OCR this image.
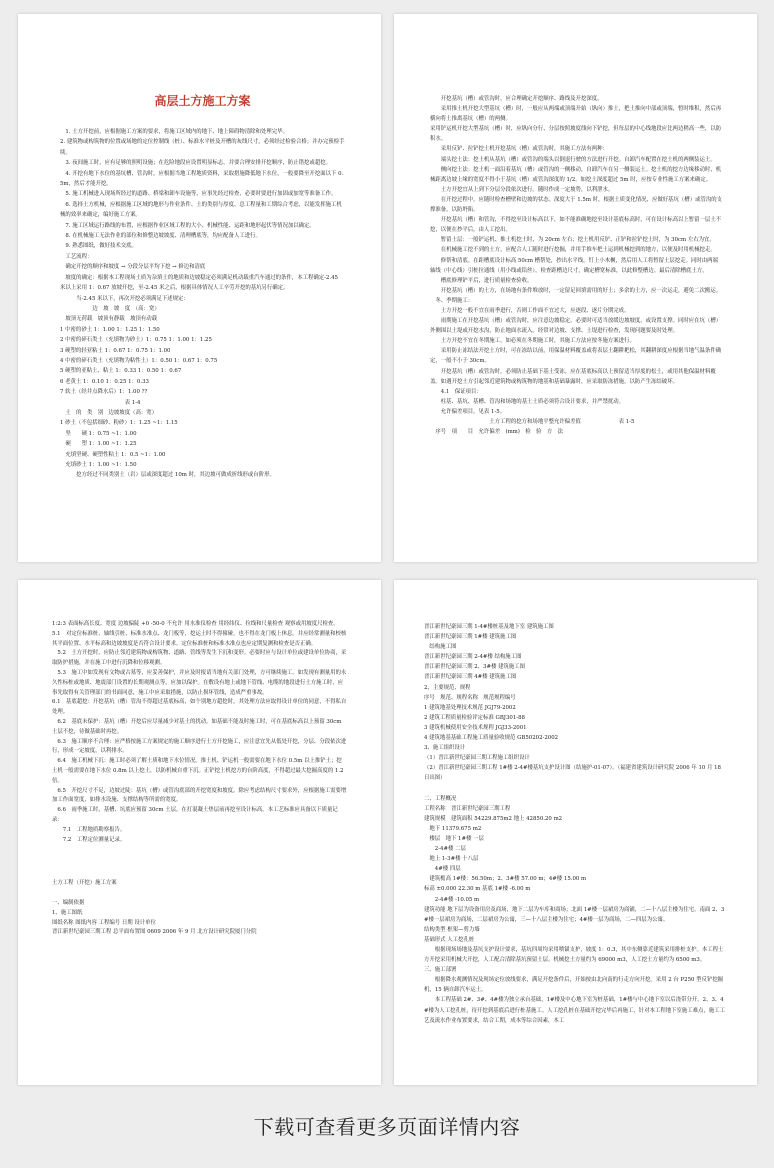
高层土方施工方案
　1. 土方开挖前，应根据施工方案的要求，将施工区域内的地下、地上障碍物清除和处理完毕。
2. 建筑物或构筑物的位置或场地的定位控制线（桩）、标准水平桩及开槽的灰线尺寸，必须经过检验合格；并办完预检手续。
　3. 夜间施工时，应有足够的照明设施；在危险地段应设置明显标志，并要合理安排开挖顺序，防止错挖或超挖。
　4. 开挖有地下水位的基坑槽、管沟时，应根据当地工程地质资料，采取措施降低地下水位，一般要降至开挖面以下 0.5m，然后才能开挖。
　5. 施工机械进入现场所经过的道路、桥梁和卸车设施等，应事先经过检查，必要时要进行加固或加宽等准备工作。
　6. 选择土方机械，应根据施工区域的地形与作业条件、土的类别与厚度、总工程量和工期综合考虑，以能发挥施工机械的效率来确定，编好施工方案。
　7. 施工区域运行路线的布置，应根据作业区域工程的大小、机械性能、运距和地形起伏等情况加以确定。
　8. 在机械施工无法作业的部位和修整边坡坡度、清理槽底等，均应配备人工进行。
　9. 熟悉图纸，做好技术交底。
　工艺流程：
　确定开挖的顺序和坡度 → 分段分层平均下挖 → 修边和清底
　坡度的确定：根据本工程现场土质为杂填土的地质和边坡稳定必须满足机动载重汽车通过的条件，本工程确定-2.45 米以上采用 1：0.67 放坡开挖，至-2.45 米之后，根据具体情况人工辛劳开挖的基坑另行确定。
　　　当-2.45 米以下，再次开挖必须满足下述规定：
　　　　　　边　坡　坡　度　（高：宽）
　坡顶无荷载　坡顶有静载　坡顶有动载
1 中密的砂土 1：1.00 1：1.25 1：1.50
2 中密的碎石类土（充填物为砂土）1：0.75 1：1.00 1：1.25
3 硬塑的轻亚粘土 1：0.67 1：0.75 1：1.00
4 中密的碎石类土（充填物为粘性土）1：0.50 1：0.67 1：0.75
5 硬塑的亚粘土、粘土 1：0.33 1：0.50 1：0.67
6 老黄土 1：0.10 1：0.25 1：0.33
7 软土（经井点降水后）1：1.00 ??
　　　　　　　　　　　　表 1-4
　土　的　类　别　边坡坡度（高：宽）
1 砂土（不包括细砂、粉砂）1：1.25 ~1：1.15
　坚　　硬 1：0.75 ~1：1.00
　硬　　塑 1：1.00 ~1：1.25
　充填坚硬、硬塑性粘土 1：0.5 ~1：1.00
　充填砂土 1：1.00 ~1：1.50
　　　挖方经过不同类别土（岩）层或深度超过 10m 时，其边坡可做成折线形或台阶形。
　　开挖基坑（槽）或管沟时，应合理确定开挖顺序、路线及开挖深度。
　　采用推土机开挖大型基坑（槽）时，一般应从两端或顶端开始（纵向）推土，把土推向中部或顶端，暂时堆积，然后再横向将土推离基坑（槽）的两侧。
采用铲运机开挖大型基坑（槽）时，应纵向分行、分层按照坡度线向下铲挖，但每层的中心线地段应比两边稍高一些，以防积水。
　　采用反铲、拉铲挖土机开挖基坑（槽）或管沟时，其施工方法有两种：
　　端头挖土法：挖土机从基坑（槽）或管沟的端头以倒退行驶的方法进行开挖。自卸汽车配置在挖土机的两侧装运土。
　　侧向挖土法：挖土机一面沿着基坑（槽）或管沟的一侧移动，自卸汽车在另一侧装运土。挖土机的挖方边缘移动时，机械距离边坡上缘的宽度不得小于基坑（槽）或管沟深度的 1/2。如挖土深度超过 5m 时，应按专业性施工方案来确定。
　　土方开挖宜从上到下分层分段依次进行。随时作成一定坡势，以利泄水。
　　在开挖过程中，应随时检查槽壁和边坡的状态。深度大于 1.5m 时，根据土质变化情况，应做好基坑（槽）或管沟的支撑准备，以防坍陷。
　　开挖基坑（槽）和管沟，不得挖至设计标高以下，如不能准确地挖至设计基底标高时，可在设计标高以上暂留一层土不挖，以便在抄平后，由人工挖出。
　　暂留土层：一般铲运机、推土机挖土时，为 20cm 左右；挖土机用反铲、正铲和拉铲挖土时，为 30cm 左右为宜。
　　在机械施工挖不到的土方，应配合人工随时进行挖掘，并用手推车把土运到机械挖到的地方，以便及时用机械挖走。
　　修帮和清底。在距槽底设计标高 50cm 槽帮处，抄出水平线，钉上小木橛，然后用人工将暂留土层挖走。同时由两端轴线（中心线）引桩拉通线（用小线或铅丝），检查距槽边尺寸，确定槽宽标准，以此修整槽边。最后清除槽底土方。
　　槽底修理铲平后，进行质量检查验收。
　　开挖基坑（槽）的土方，在场地有条件堆放时，一定留足回填需用的好土；多余的土方，应一次运走，避免二次搬运。
　冬、季期施工：
　　土方开挖一般不宜在雨季进行，否则工作面不宜过大，应逐段、逐片分期完成。
　　雨期施工在开挖基坑（槽）或管沟时，应注意边坡稳定。必要时可适当放缓边坡坡度，或设置支撑。同时应在坑（槽）外侧围以土堤或开挖水沟，防止地面水流入。经常对边坡、支撑、土堤进行检查，发现问题要及时处理。
　　土方开挖不宜在冬期施工。如必须在冬期施工时，其施工方法应按冬施方案进行。
　　采用防止冻结法开挖土方时，可在冻结以前，用保温材料覆盖或将表层土翻耕耙松，其翻耕深度应根据当地气温条件确定，一般不小于 30cm。
　　开挖基坑（槽）或管沟时，必须防止基础下基土受冻。应在基底标高以上预留适当厚度的松土，或用其他保温材料覆盖。如遇开挖土方引起邻近建筑物或构筑物的地基和基础暴露时，应采取防冻措施，以防产生冻结破坏。
　　4.1　保证项目：
　　柱基、基坑、基槽、管沟和场地的基土土质必须符合设计要求，并严禁扰动。
　　允许偏差项目，见表 1-5。
　　　　　　　　　　　土方工程的挖方和场地平整允许偏差值　　　　　　　表 1-5
　序号　项　　目　允许偏差　(mm)　检　验　方　法
1:2:3 表面标高长度、宽度 边坡偏陡 +0 -50-0 不允许 用水准仪检查 用经纬仪、拉线和尺量检查 观察或用坡度尺检查。
5.1　对定位标准桩、轴线引桩、标准水准点、龙门板等，挖运土时不得撞碰，也不得在龙门板上休息。并应经常测量和校核其平面位置、水平标高和边坡坡度是否符合设计要求。定位标准桩和标准水准点也应定期复测和检查是否正确。
　5.2　土方开挖时，应防止邻近建筑物或构筑物、道路、管线等发生下沉和变形。必要时应与设计单位或建设单位协商，采取防护措施，并在施工中进行沉降和位移观测。
　5.3　施工中如发现有文物或古墓等，应妥善保护，并应及时报请当地有关部门处理，方可继续施工。如发现有测量用的永久性标桩或地质、地震部门设置的长期观测点等，应加以保护。在敷设有地上或地下管线、电缆的地段进行土方施工时，应事先取得有关管理部门的书面同意，施工中应采取措施，以防止损坏管线，造成严重事故。
6.1　基底超挖：开挖基坑（槽）管沟不得超过基底标高，如个别地方超挖时，其处理方法应取得设计单位的同意，不得私自处理。
　6.2　基底未保护：基坑（槽）开挖后应尽量减少对基土的扰动。如基础不能及时施工时，可在基底标高以上预留 30cm 土层不挖，待做基础时再挖。
　6.3　施工顺序不合理：应严格按施工方案规定的施工顺序进行土方开挖施工，应注意宜先从低处开挖，分层、分段依次进行，形成一定坡度，以利排水。
　6.4　施工机械下沉：施工时必须了解土质和地下水位情况。推土机、铲运机一般需要在地下水位 0.5m 以上推铲土；挖土机一般需要在地下水位 0.8m 以上挖土，以防机械自重下沉。正铲挖土机挖方的台阶高度，不得超过最大挖掘高度的 1.2 倍。
　6.5　开挖尺寸不足，边坡过陡：基坑（槽）或管沟底部的开挖宽度和坡度，除应考虑结构尺寸要求外，应根据施工需要增加工作面宽度，如排水设施、支撑结构等所需的宽度。
　6.6　雨季施工时，基槽、坑底应预留 30cm 土层，在打混凝土垫层前再挖至设计标高。本工艺标准应具备以下质量记录：
　　7.1　工程地质勘察报告。
　　7.2　工程定位测量记录。
土方工程（开挖）施工方案

一、编制依据
1、施工图纸
图纸名称 图纸内容 工程编号 日期 设计单位
晋江新世纪豪园三期工程 总平面布置图 0609 2006 年 9 月 北方设计研究院厦门分院
晋江新世纪豪园三期 1-4#楼桩基及地下室 建筑施工图
晋江新世纪豪园三期 1#楼 建筑施工图
　结构施工图
晋江新世纪豪园三期 2-4#楼 结构施工图
晋江新世纪豪园三期 2、3#楼 建筑施工图
晋江新世纪豪园三期 4#楼 建筑施工图
2、主要规范、规程
序号　规范、规程名称　规范规程编号
1 建筑地基处理技术规范 JGJ79-2002
2 建筑工程质量检验评定标准 GBJ301-88
3 建筑机械使用安全技术规程 JGJ33-2001
4 建筑地基基础工程施工质量验收规范 GB50202-2002
3、施工组织设计
（1）晋江新世纪豪园三期工程施工组织设计
（2）晋江新世纪豪园三期工程 1#楼 2-4#楼基坑支护设计图（结施护-01-07）。（福建省建筑设计研究院 2006 年 10 月 18 日出图）

二、工程概况
工程名称　晋江新世纪豪园三期工程
建筑规模　建筑面积 54229.875m2 地上 42850.20 m2
　地下 11379.675 m2
　楼层　地下 1#楼 一层
　　2-4#楼 二层
　地上 1-3#楼 十八层
　　4#楼 四层
　建筑檐高 1#楼：56.50m；2、3#楼 57.00 m；4#楼 15.00 m
标高 ±0.000 22.30 m 基底 1#楼 -6.00 m
　　2-4#楼 -10.05 m
建筑功能 地下层为设备用房及商场，地下二层为车库和商场；北面 1#楼一层裙房为商铺，二—十八层主楼为住宅。南面 2、3#楼一层裙房为商场，二层裙房为公寓，三—十八层主楼为住宅；4#楼一层为商场，二—四层为公寓。
结构类型 框架—剪力墙
基础形式 人工挖孔桩
　　根据现场场地及基坑支护设计要求，基坑四周均采用喷锚支护，坡度 1：0.3，其中东侧靠近建筑采用排桩支护。本工程土方开挖采用机械大开挖，人工配合清除基坑预留土层。机械挖土方量约为 69000 m3，人工挖土方量约为 6500 m3。
三、施工部署
　　根据降水观测情况及现场定位放线要求，满足开挖条件后，开始按由北向南的行走方向开挖。采用 2 台 P250 型反铲挖掘机，15 辆自卸汽车运土。
　　本工程基础 2#、3#、4#楼为独立承台基础，1#楼及中心地下室为桩基础，1#楼与中心地下室以后浇带分开。2、3、4#楼为人工挖孔桩，待开挖到基底后进行桩基施工。人工挖孔桩在基础开挖完毕后再施工，针对本工程地下室施工难点，施工工艺及流水作业布置要求，结合工期，成本等综合因素，本工
下载可查看更多页面详情内容
